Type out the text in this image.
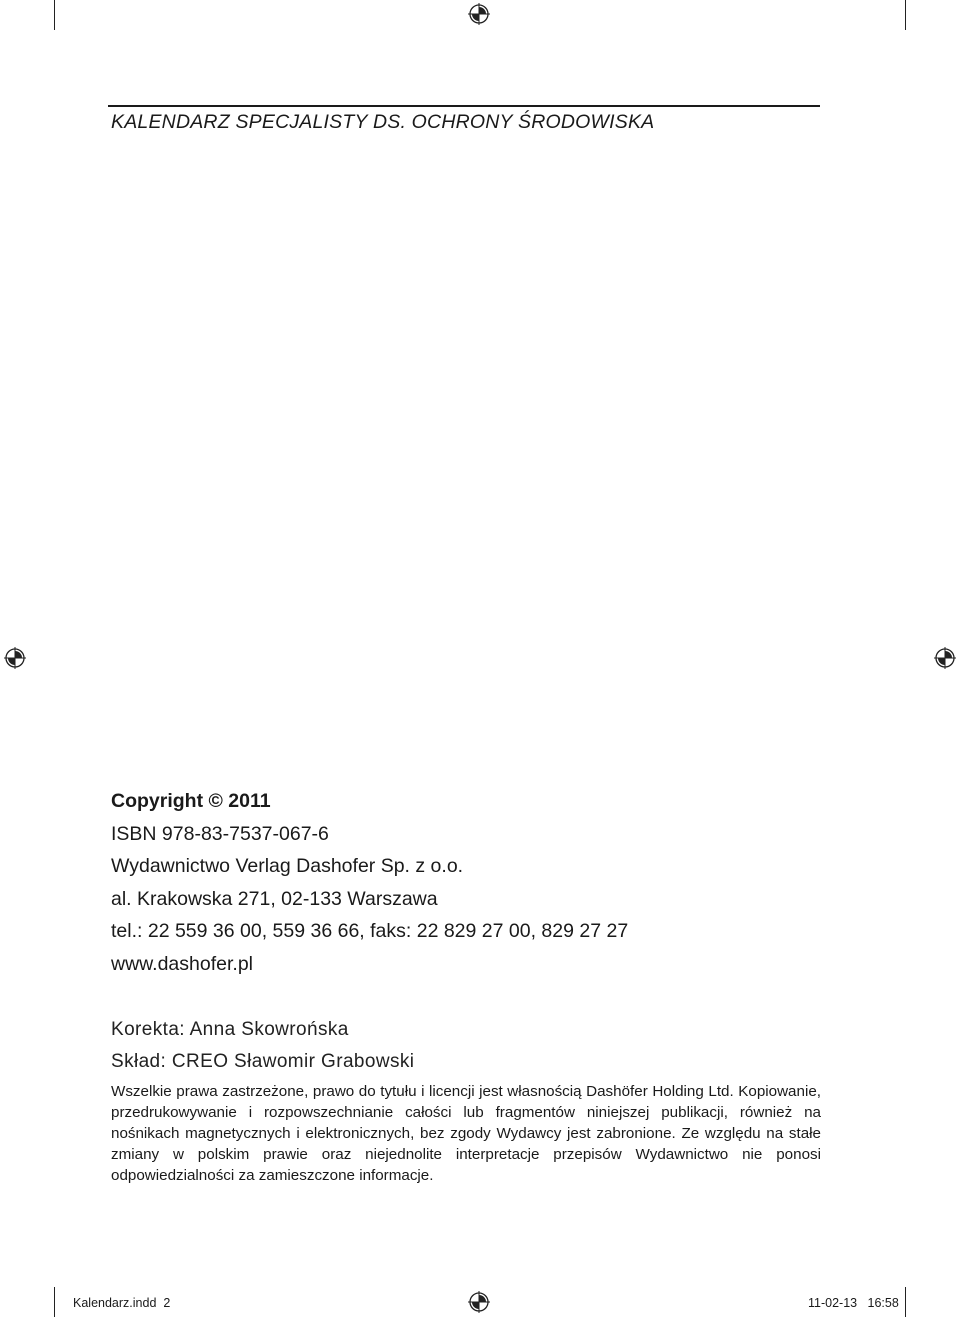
KALENDARZ SPECJALISTY DS. OCHRONY ŚRODOWISKA
Copyright © 2011
ISBN 978-83-7537-067-6
Wydawnictwo Verlag Dashofer Sp. z o.o.
al. Krakowska 271, 02-133 Warszawa
tel.: 22 559 36 00, 559 36 66, faks: 22 829 27 00, 829 27 27
www.dashofer.pl
Korekta: Anna Skowrońska
Skład: CREO Sławomir Grabowski

Wszelkie prawa zastrzeżone, prawo do tytułu i licencji jest własnością Dashöfer Holding Ltd. Kopiowanie, przedrukowywanie i rozpowszechnianie całości lub fragmentów niniejszej publikacji, również na nośnikach magnetycznych i elektronicznych, bez zgody Wydawcy jest zabronione. Ze względu na stałe zmiany w polskim prawie oraz niejednolite interpretacje przepisów Wydawnictwo nie ponosi odpowiedzialności za zamieszczone informacje.

Kalendarz.indd 2	11-02-13 16:58
